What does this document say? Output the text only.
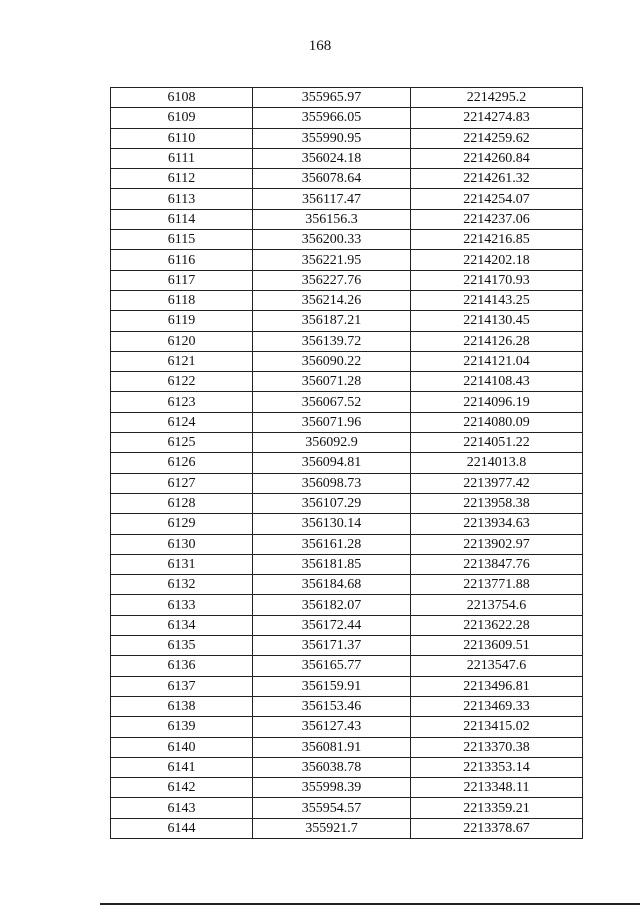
168
6108	355965.97	2214295.2
6109	355966.05	2214274.83
6110	355990.95	2214259.62
6111	356024.18	2214260.84
6112	356078.64	2214261.32
6113	356117.47	2214254.07
6114	356156.3	2214237.06
6115	356200.33	2214216.85
6116	356221.95	2214202.18
6117	356227.76	2214170.93
6118	356214.26	2214143.25
6119	356187.21	2214130.45
6120	356139.72	2214126.28
6121	356090.22	2214121.04
6122	356071.28	2214108.43
6123	356067.52	2214096.19
6124	356071.96	2214080.09
6125	356092.9	2214051.22
6126	356094.81	2214013.8
6127	356098.73	2213977.42
6128	356107.29	2213958.38
6129	356130.14	2213934.63
6130	356161.28	2213902.97
6131	356181.85	2213847.76
6132	356184.68	2213771.88
6133	356182.07	2213754.6
6134	356172.44	2213622.28
6135	356171.37	2213609.51
6136	356165.77	2213547.6
6137	356159.91	2213496.81
6138	356153.46	2213469.33
6139	356127.43	2213415.02
6140	356081.91	2213370.38
6141	356038.78	2213353.14
6142	355998.39	2213348.11
6143	355954.57	2213359.21
6144	355921.7	2213378.67
